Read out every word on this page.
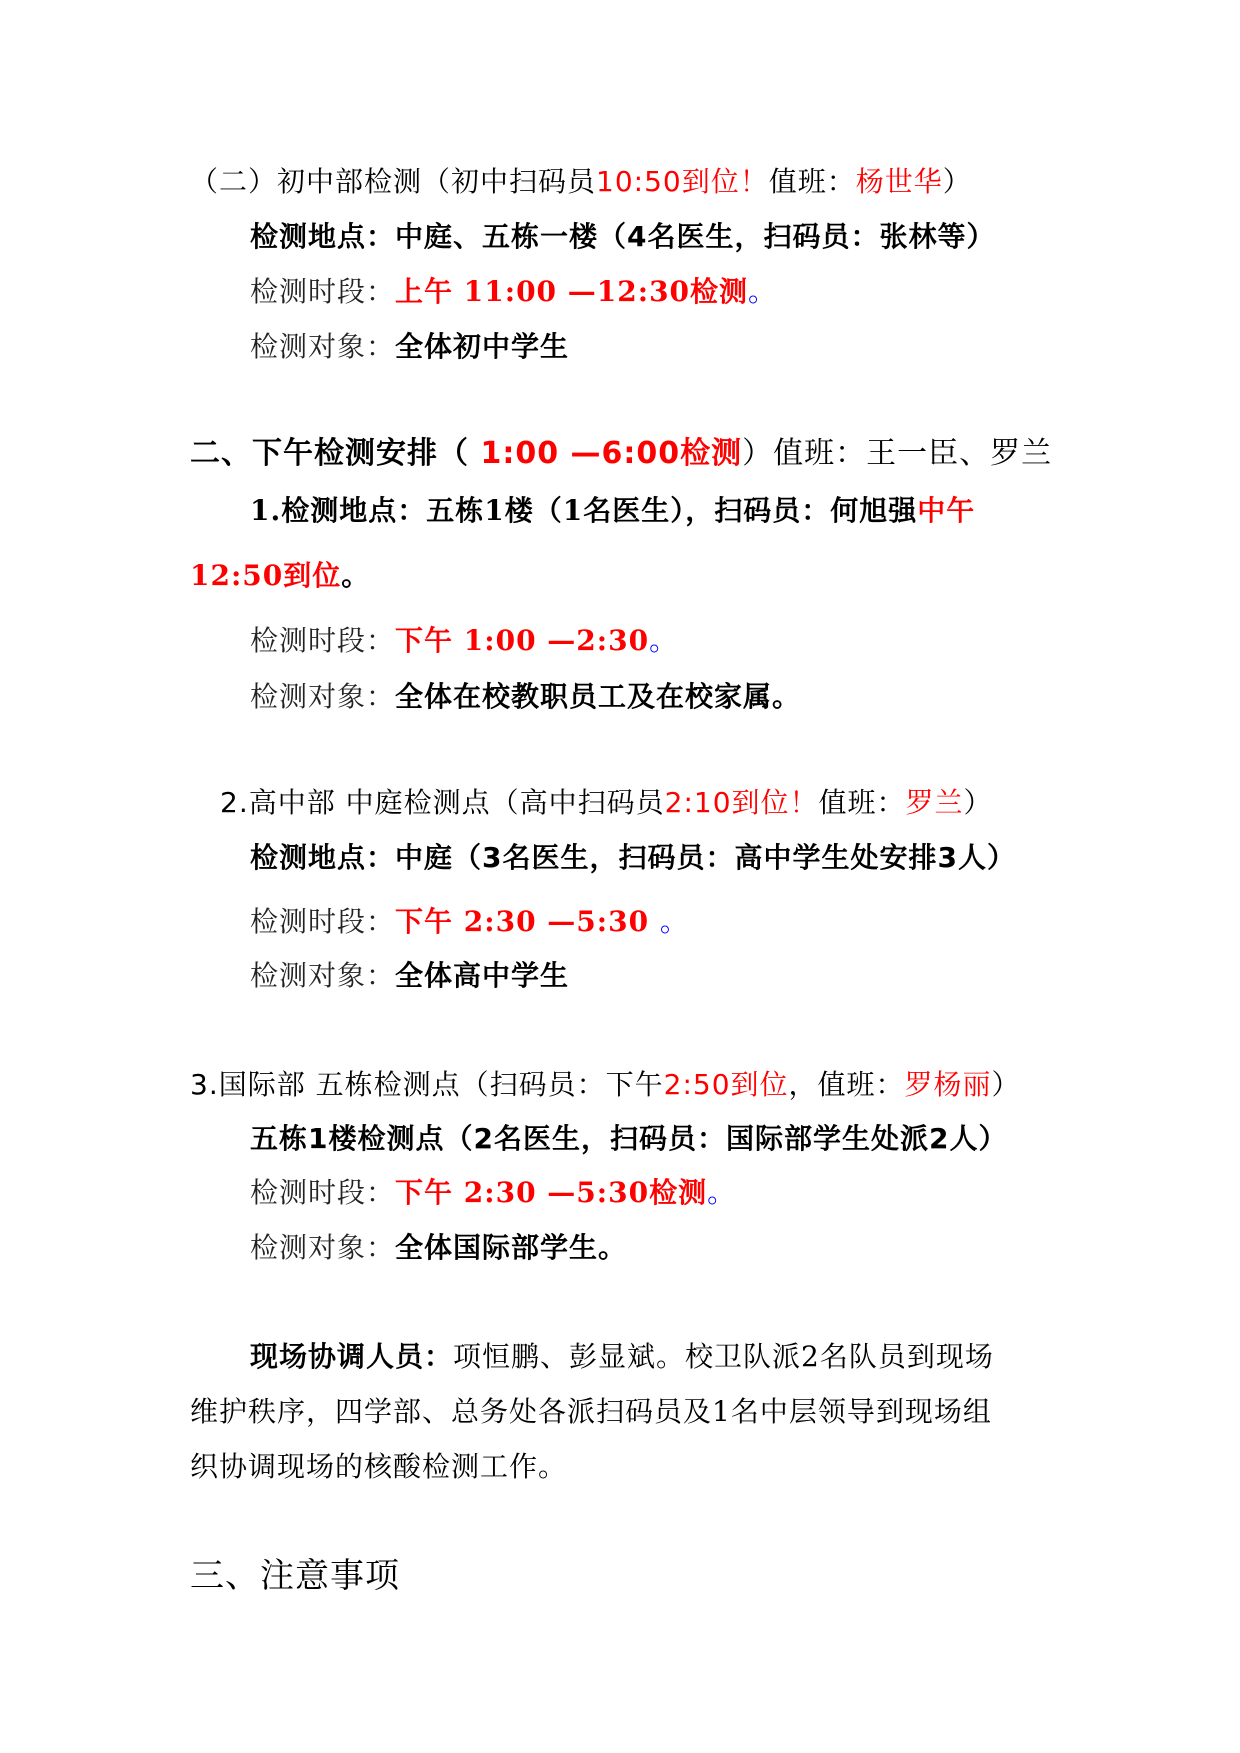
（二）初中部检测（初中扫码员10:50到位！值班：杨世华）
检测地点：中庭、五栋一楼（4名医生，扫码员：张林等）
检测时段：上午 11:00 —12:30检测。
检测对象：全体初中学生
二、下午检测安排（ 1:00 —6:00检测）值班：王一臣、罗兰
1.检测地点：五栋1楼（1名医生），扫码员：何旭强中午
12:50到位。
检测时段：下午 1:00 —2:30。
检测对象：全体在校教职员工及在校家属。
2.高中部 中庭检测点（高中扫码员2:10到位！值班：罗兰）
检测地点：中庭（3名医生，扫码员：高中学生处安排3人）
检测时段：下午 2:30 —5:30 。
检测对象：全体高中学生
3.国际部 五栋检测点（扫码员：下午2:50到位，值班：罗杨丽）
五栋1楼检测点（2名医生，扫码员：国际部学生处派2人）
检测时段：下午 2:30 —5:30检测。
检测对象：全体国际部学生。
现场协调人员：项恒鹏、彭显斌。校卫队派2名队员到现场
维护秩序，四学部、总务处各派扫码员及1名中层领导到现场组
织协调现场的核酸检测工作。
三、注意事项
